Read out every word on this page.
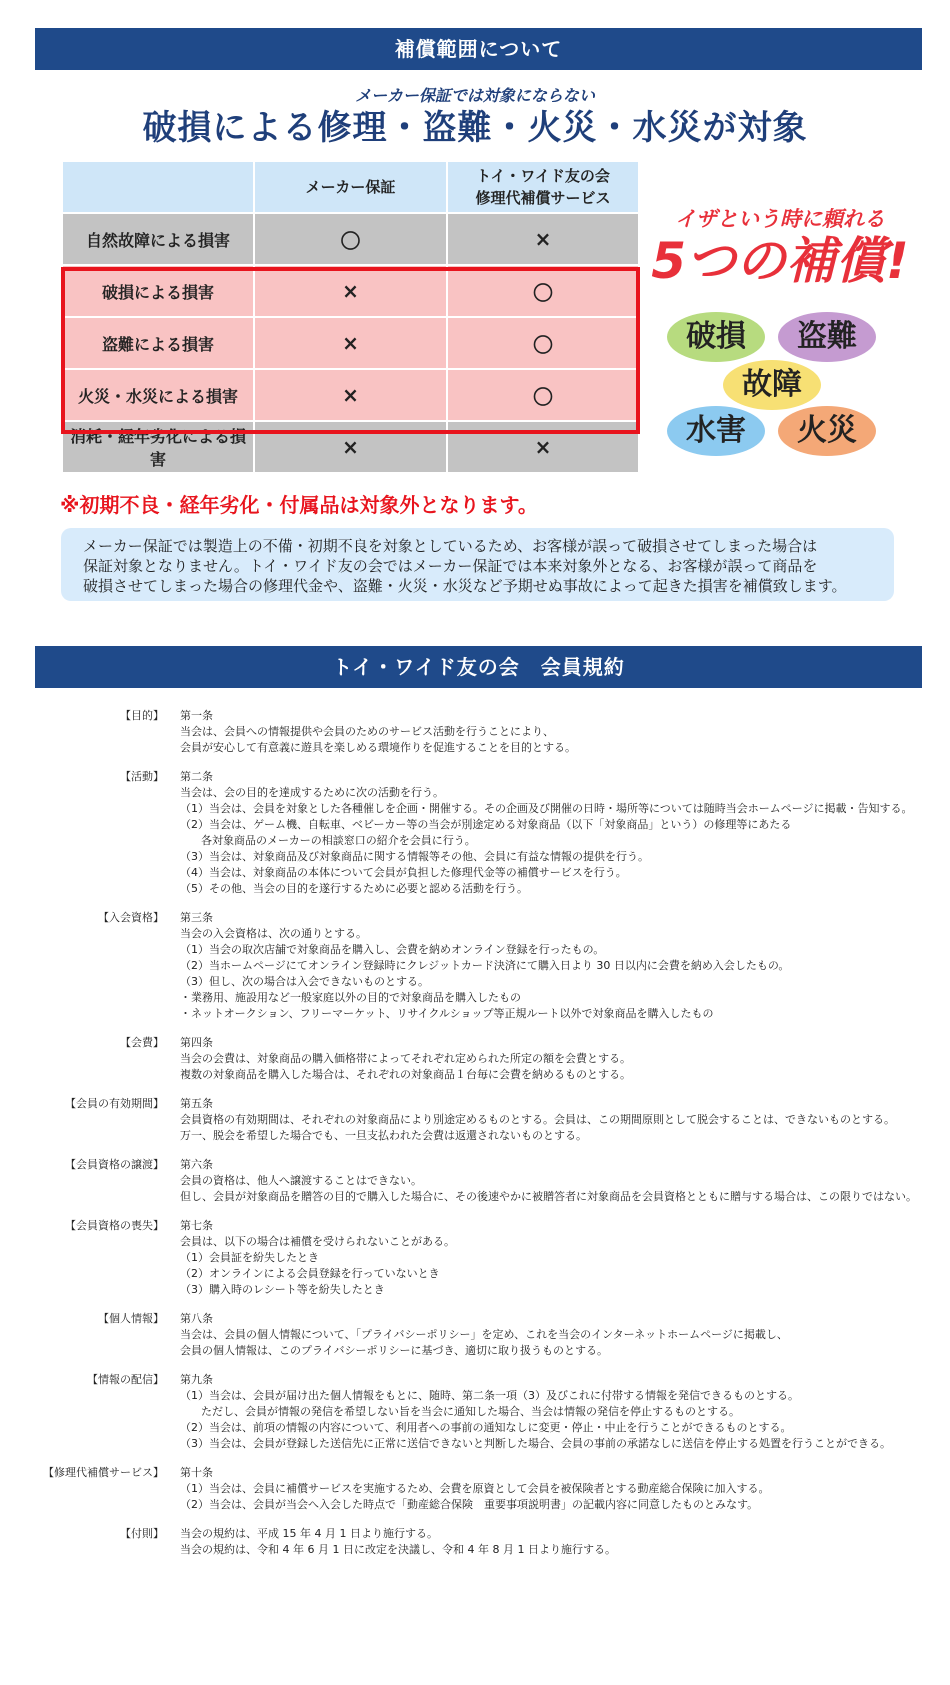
補償範囲について
メーカー保証では対象にならない
破損による修理・盗難・火災・水災が対象
	メーカー保証	トイ・ワイド友の会
修理代補償サービス

自然故障による損害	〇	×
破損による損害	×	〇
盗難による損害	×	〇
火災・水災による損害	×	〇
消耗・経年劣化による損害	×	×
イザという時に頼れる
5つの補償!
破損	盗難
故障
水害	火災
※初期不良・経年劣化・付属品は対象外となります。
メーカー保証では製造上の不備・初期不良を対象としているため、お客様が誤って破損させてしまった場合は
保証対象となりません。トイ・ワイド友の会ではメーカー保証では本来対象外となる、お客様が誤って商品を
破損させてしまった場合の修理代金や、盗難・火災・水災など予期せぬ事故によって起きた損害を補償致します。
トイ・ワイド友の会　会員規約
【目的】 第一条
当会は、会員への情報提供や会員のためのサービス活動を行うことにより、
会員が安心して有意義に遊具を楽しめる環境作りを促進することを目的とする。
【活動】 第二条
当会は、会の目的を達成するために次の活動を行う。
（1）当会は、会員を対象とした各種催しを企画・開催する。その企画及び開催の日時・場所等については随時当会ホームページに掲載・告知する。
（2）当会は、ゲーム機、自転車、ベビーカー等の当会が別途定める対象商品（以下「対象商品」という）の修理等にあたる
各対象商品のメーカーの相談窓口の紹介を会員に行う。
（3）当会は、対象商品及び対象商品に関する情報等その他、会員に有益な情報の提供を行う。
（4）当会は、対象商品の本体について会員が負担した修理代金等の補償サービスを行う。
（5）その他、当会の目的を遂行するために必要と認める活動を行う。
【入会資格】 第三条
当会の入会資格は、次の通りとする。
（1）当会の取次店舗で対象商品を購入し、会費を納めオンライン登録を行ったもの。
（2）当ホームページにてオンライン登録時にクレジットカード決済にて購入日より 30 日以内に会費を納め入会したもの。
（3）但し、次の場合は入会できないものとする。
・業務用、施設用など一般家庭以外の目的で対象商品を購入したもの
・ネットオークション、フリーマーケット、リサイクルショップ等正規ルート以外で対象商品を購入したもの
【会費】 第四条
当会の会費は、対象商品の購入価格帯によってそれぞれ定められた所定の額を会費とする。
複数の対象商品を購入した場合は、それぞれの対象商品１台毎に会費を納めるものとする。
【会員の有効期間】 第五条
会員資格の有効期間は、それぞれの対象商品により別途定めるものとする。会員は、この期間原則として脱会することは、できないものとする。
万一、脱会を希望した場合でも、一旦支払われた会費は返還されないものとする。
【会員資格の譲渡】 第六条
会員の資格は、他人へ譲渡することはできない。
但し、会員が対象商品を贈答の目的で購入した場合に、その後速やかに被贈答者に対象商品を会員資格とともに贈与する場合は、この限りではない。
【会員資格の喪失】 第七条
会員は、以下の場合は補償を受けられないことがある。
（1）会員証を紛失したとき
（2）オンラインによる会員登録を行っていないとき
（3）購入時のレシート等を紛失したとき
【個人情報】 第八条
当会は、会員の個人情報について、「プライバシーポリシー」を定め、これを当会のインターネットホームページに掲載し、
会員の個人情報は、このプライバシーポリシーに基づき、適切に取り扱うものとする。
【情報の配信】 第九条
（1）当会は、会員が届け出た個人情報をもとに、随時、第二条一項（3）及びこれに付帯する情報を発信できるものとする。
ただし、会員が情報の発信を希望しない旨を当会に通知した場合、当会は情報の発信を停止するものとする。
（2）当会は、前項の情報の内容について、利用者への事前の通知なしに変更・停止・中止を行うことができるものとする。
（3）当会は、会員が登録した送信先に正常に送信できないと判断した場合、会員の事前の承諾なしに送信を停止する処置を行うことができる。
【修理代補償サービス】 第十条
（1）当会は、会員に補償サービスを実施するため、会費を原資として会員を被保険者とする動産総合保険に加入する。
（2）当会は、会員が当会へ入会した時点で「動産総合保険　重要事項説明書」の記載内容に同意したものとみなす。
【付則】 当会の規約は、平成 15 年 4 月 1 日より施行する。
当会の規約は、令和 4 年 6 月 1 日に改定を決議し、令和 4 年 8 月 1 日より施行する。
